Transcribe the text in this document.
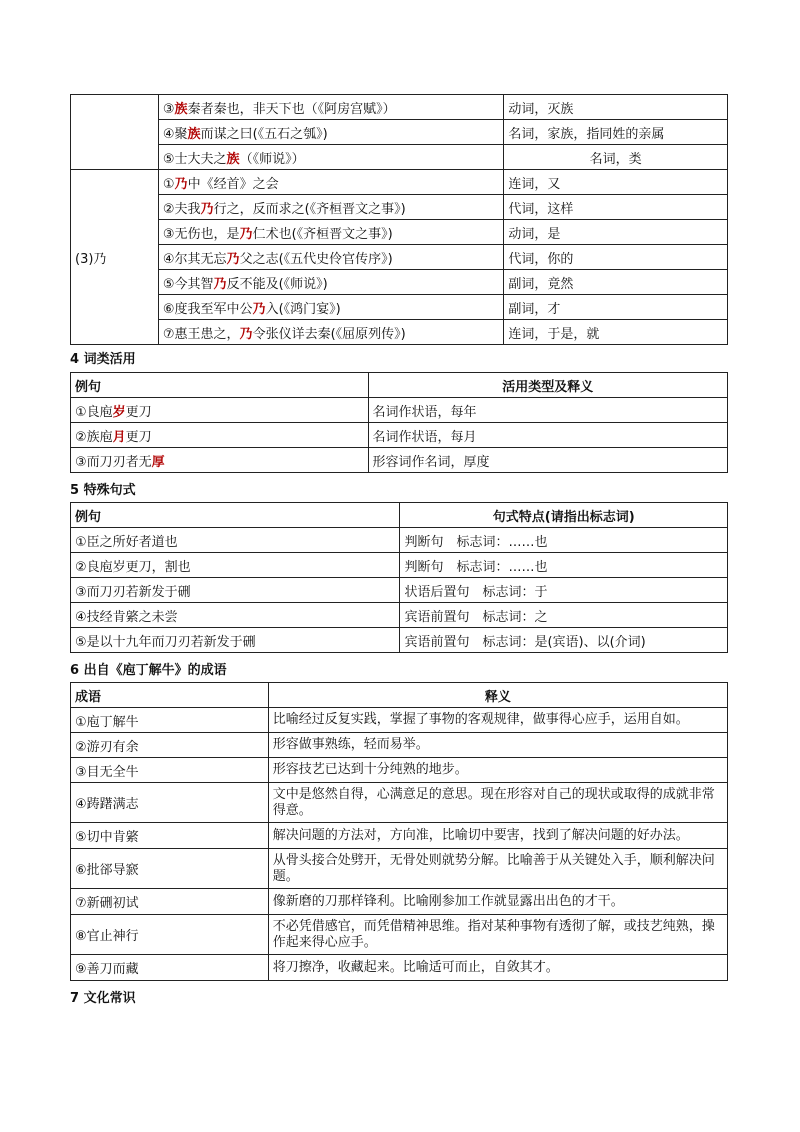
	③族秦者秦也，非天下也（《阿房宫赋》）	动词，灭族
	④聚族而谋之曰(《五石之瓠》)	名词，家族，指同姓的亲属
	⑤士大夫之族（《师说》）	名词，类
(3)乃	①乃中《经首》之会	连词，又
	②夫我乃行之，反而求之(《齐桓晋文之事》)	代词，这样
	③无伤也，是乃仁术也(《齐桓晋文之事》)	动词，是
	④尔其无忘乃父之志(《五代史伶官传序》)	代词，你的
	⑤今其智乃反不能及(《师说》)	副词，竟然
	⑥度我至军中公乃入(《鸿门宴》)	副词，才
	⑦惠王患之，乃令张仪详去秦(《屈原列传》)	连词，于是，就
4 词类活用
例句	活用类型及释义
①良庖岁更刀	名词作状语，每年
②族庖月更刀	名词作状语，每月
③而刀刃者无厚	形容词作名词，厚度
5 特殊句式
例句	句式特点(请指出标志词)
①臣之所好者道也	判断句　标志词：……也
②良庖岁更刀，割也	判断句　标志词：……也
③而刀刃若新发于硎	状语后置句　标志词：于
④技经肯綮之未尝	宾语前置句　标志词：之
⑤是以十九年而刀刃若新发于硎	宾语前置句　标志词：是(宾语)、以(介词)
6 出自《庖丁解牛》的成语
成语	释义
①庖丁解牛	比喻经过反复实践，掌握了事物的客观规律，做事得心应手，运用自如。
②游刃有余	形容做事熟练，轻而易举。
③目无全牛	形容技艺已达到十分纯熟的地步。
④踌躇满志	文中是悠然自得，心满意足的意思。现在形容对自己的现状或取得的成就非常得意。
⑤切中肯綮	解决问题的方法对，方向准，比喻切中要害，找到了解决问题的好办法。
⑥批郤导窾	从骨头接合处劈开，无骨处则就势分解。比喻善于从关键处入手，顺利解决问题。
⑦新硎初试	像新磨的刀那样锋利。比喻刚参加工作就显露出出色的才干。
⑧官止神行	不必凭借感官，而凭借精神思维。指对某种事物有透彻了解，或技艺纯熟，操作起来得心应手。
⑨善刀而藏	将刀擦净，收藏起来。比喻适可而止，自敛其才。
7 文化常识
